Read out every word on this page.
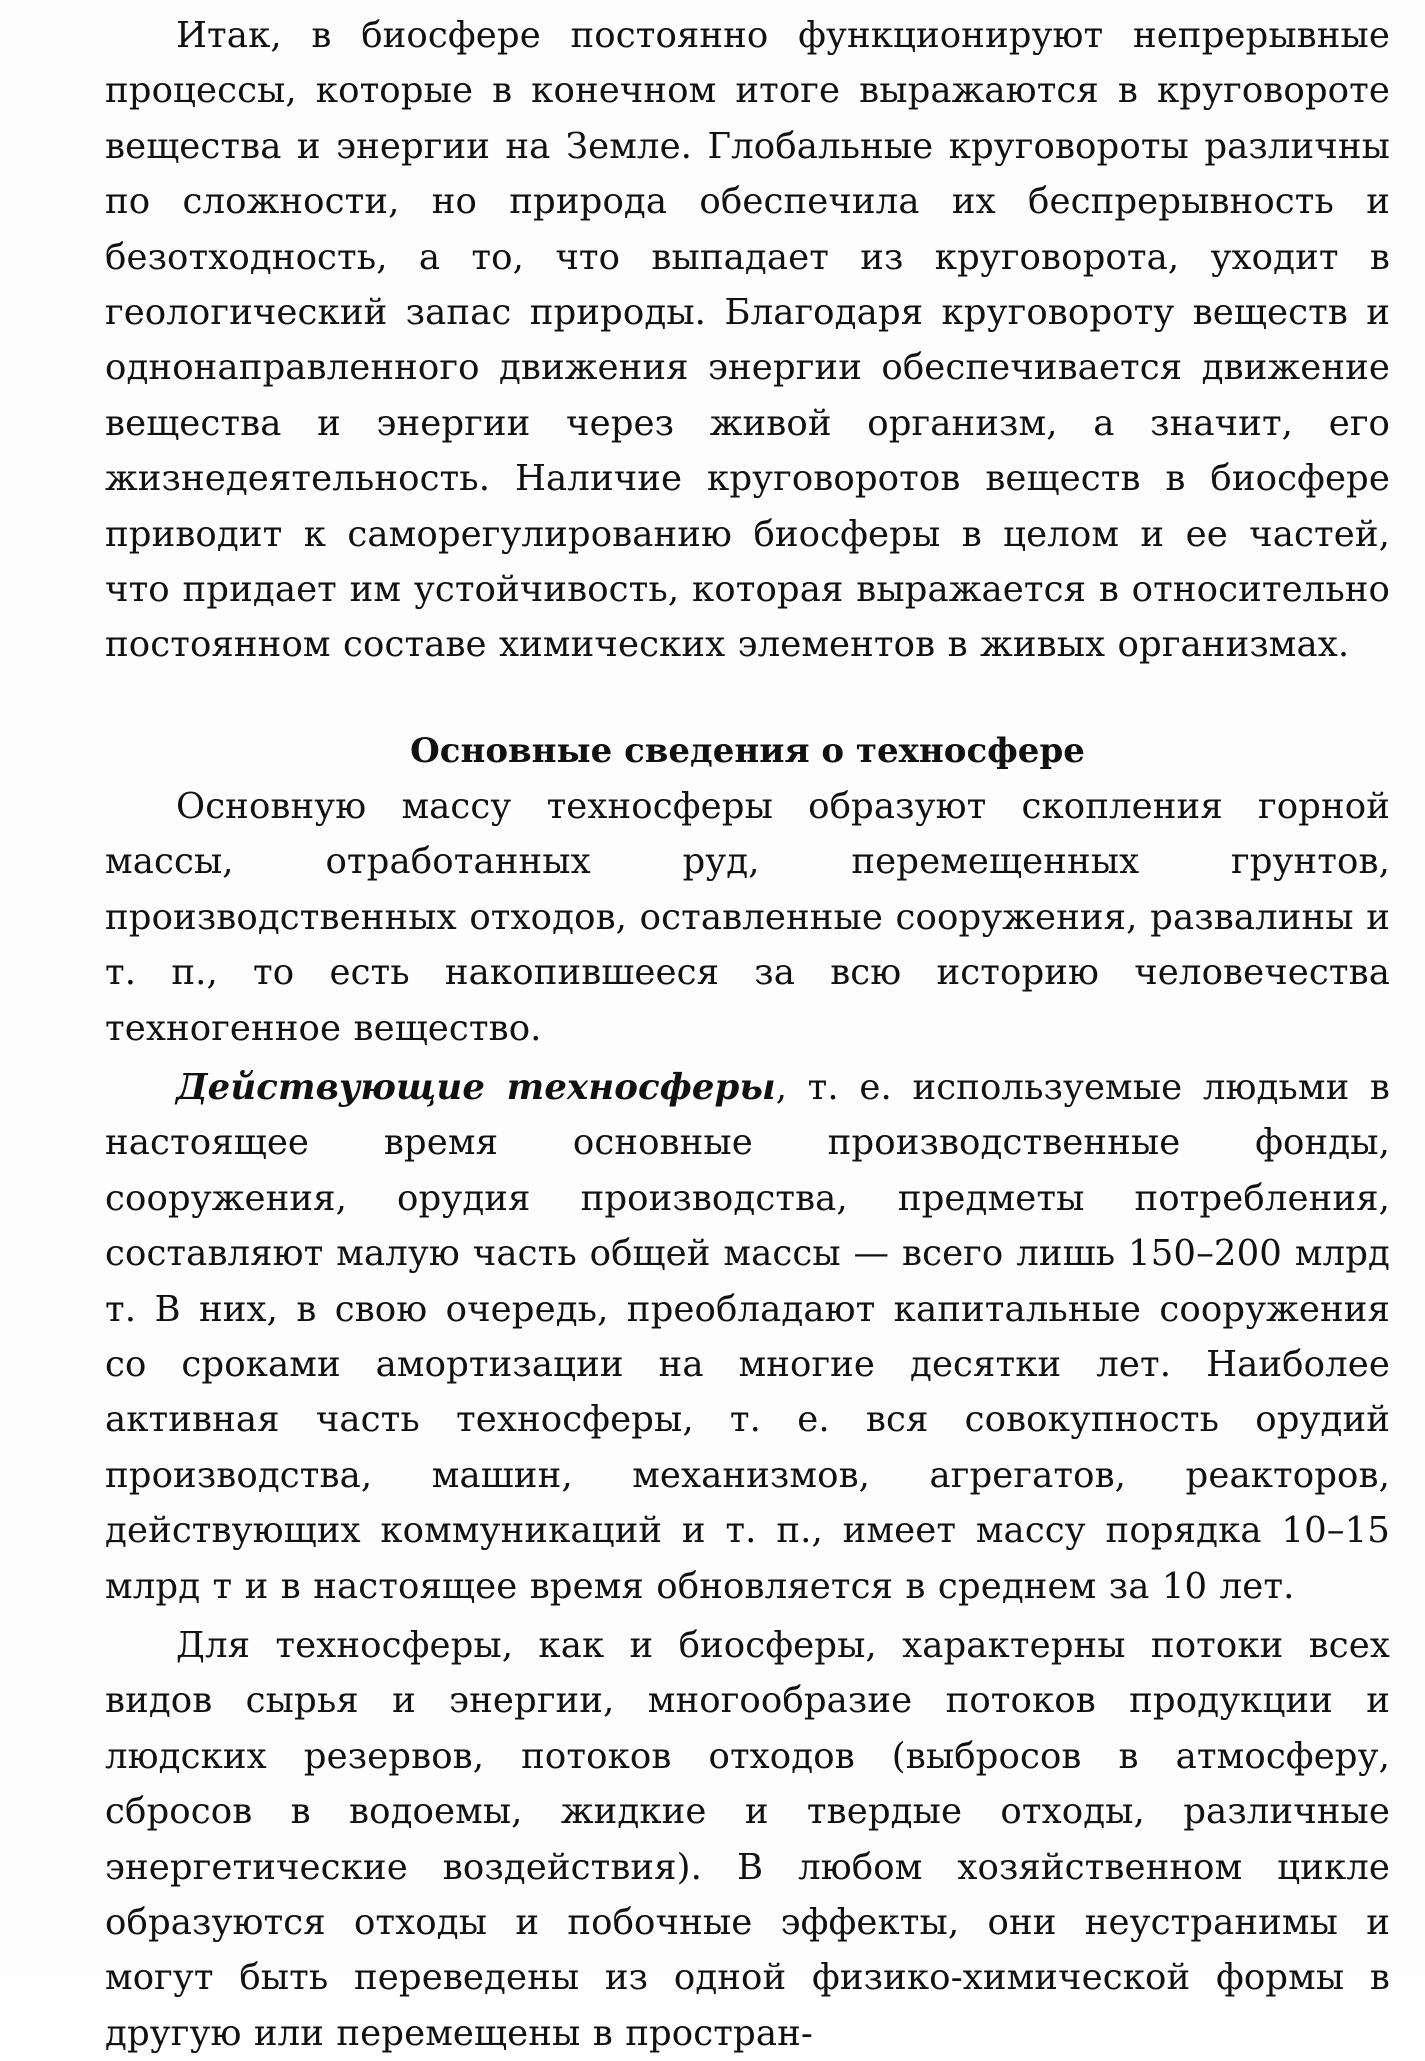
Итак, в биосфере постоянно функционируют непрерывные процессы, которые в конечном итоге выражаются в круговороте вещества и энергии на Земле. Глобальные круговороты различны по сложности, но природа обеспечила их беспрерывность и безотходность, а то, что выпадает из круговорота, уходит в геологический запас природы. Благодаря круговороту веществ и однонаправленного движения энергии обеспечивается движение вещества и энергии через живой организм, а значит, его жизнедеятельность. Наличие круговоротов веществ в биосфере приводит к саморегулированию биосферы в целом и ее частей, что придает им устойчивость, которая выражается в относительно постоянном составе химических элементов в живых организмах.

Основные сведения о техносфере

Основную массу техносферы образуют скопления горной массы, отработанных руд, перемещенных грунтов, производственных отходов, оставленные сооружения, развалины и т. п., то есть накопившееся за всю историю человечества техногенное вещество.

Действующие техносферы, т. е. используемые людьми в настоящее время основные производственные фонды, сооружения, орудия производства, предметы потребления, составляют малую часть общей массы — всего лишь 150–200 млрд т. В них, в свою очередь, преобладают капитальные сооружения со сроками амортизации на многие десятки лет. Наиболее активная часть техносферы, т. е. вся совокупность орудий производства, машин, механизмов, агрегатов, реакторов, действующих коммуникаций и т. п., имеет массу порядка 10–15 млрд т и в настоящее время обновляется в среднем за 10 лет.

Для техносферы, как и биосферы, характерны потоки всех видов сырья и энергии, многообразие потоков продукции и людских резервов, потоков отходов (выбросов в атмосферу, сбросов в водоемы, жидкие и твердые отходы, различные энергетические воздействия). В любом хозяйственном цикле образуются отходы и побочные эффекты, они неустранимы и могут быть переведены из одной физико-химической формы в другую или перемещены в простран-
